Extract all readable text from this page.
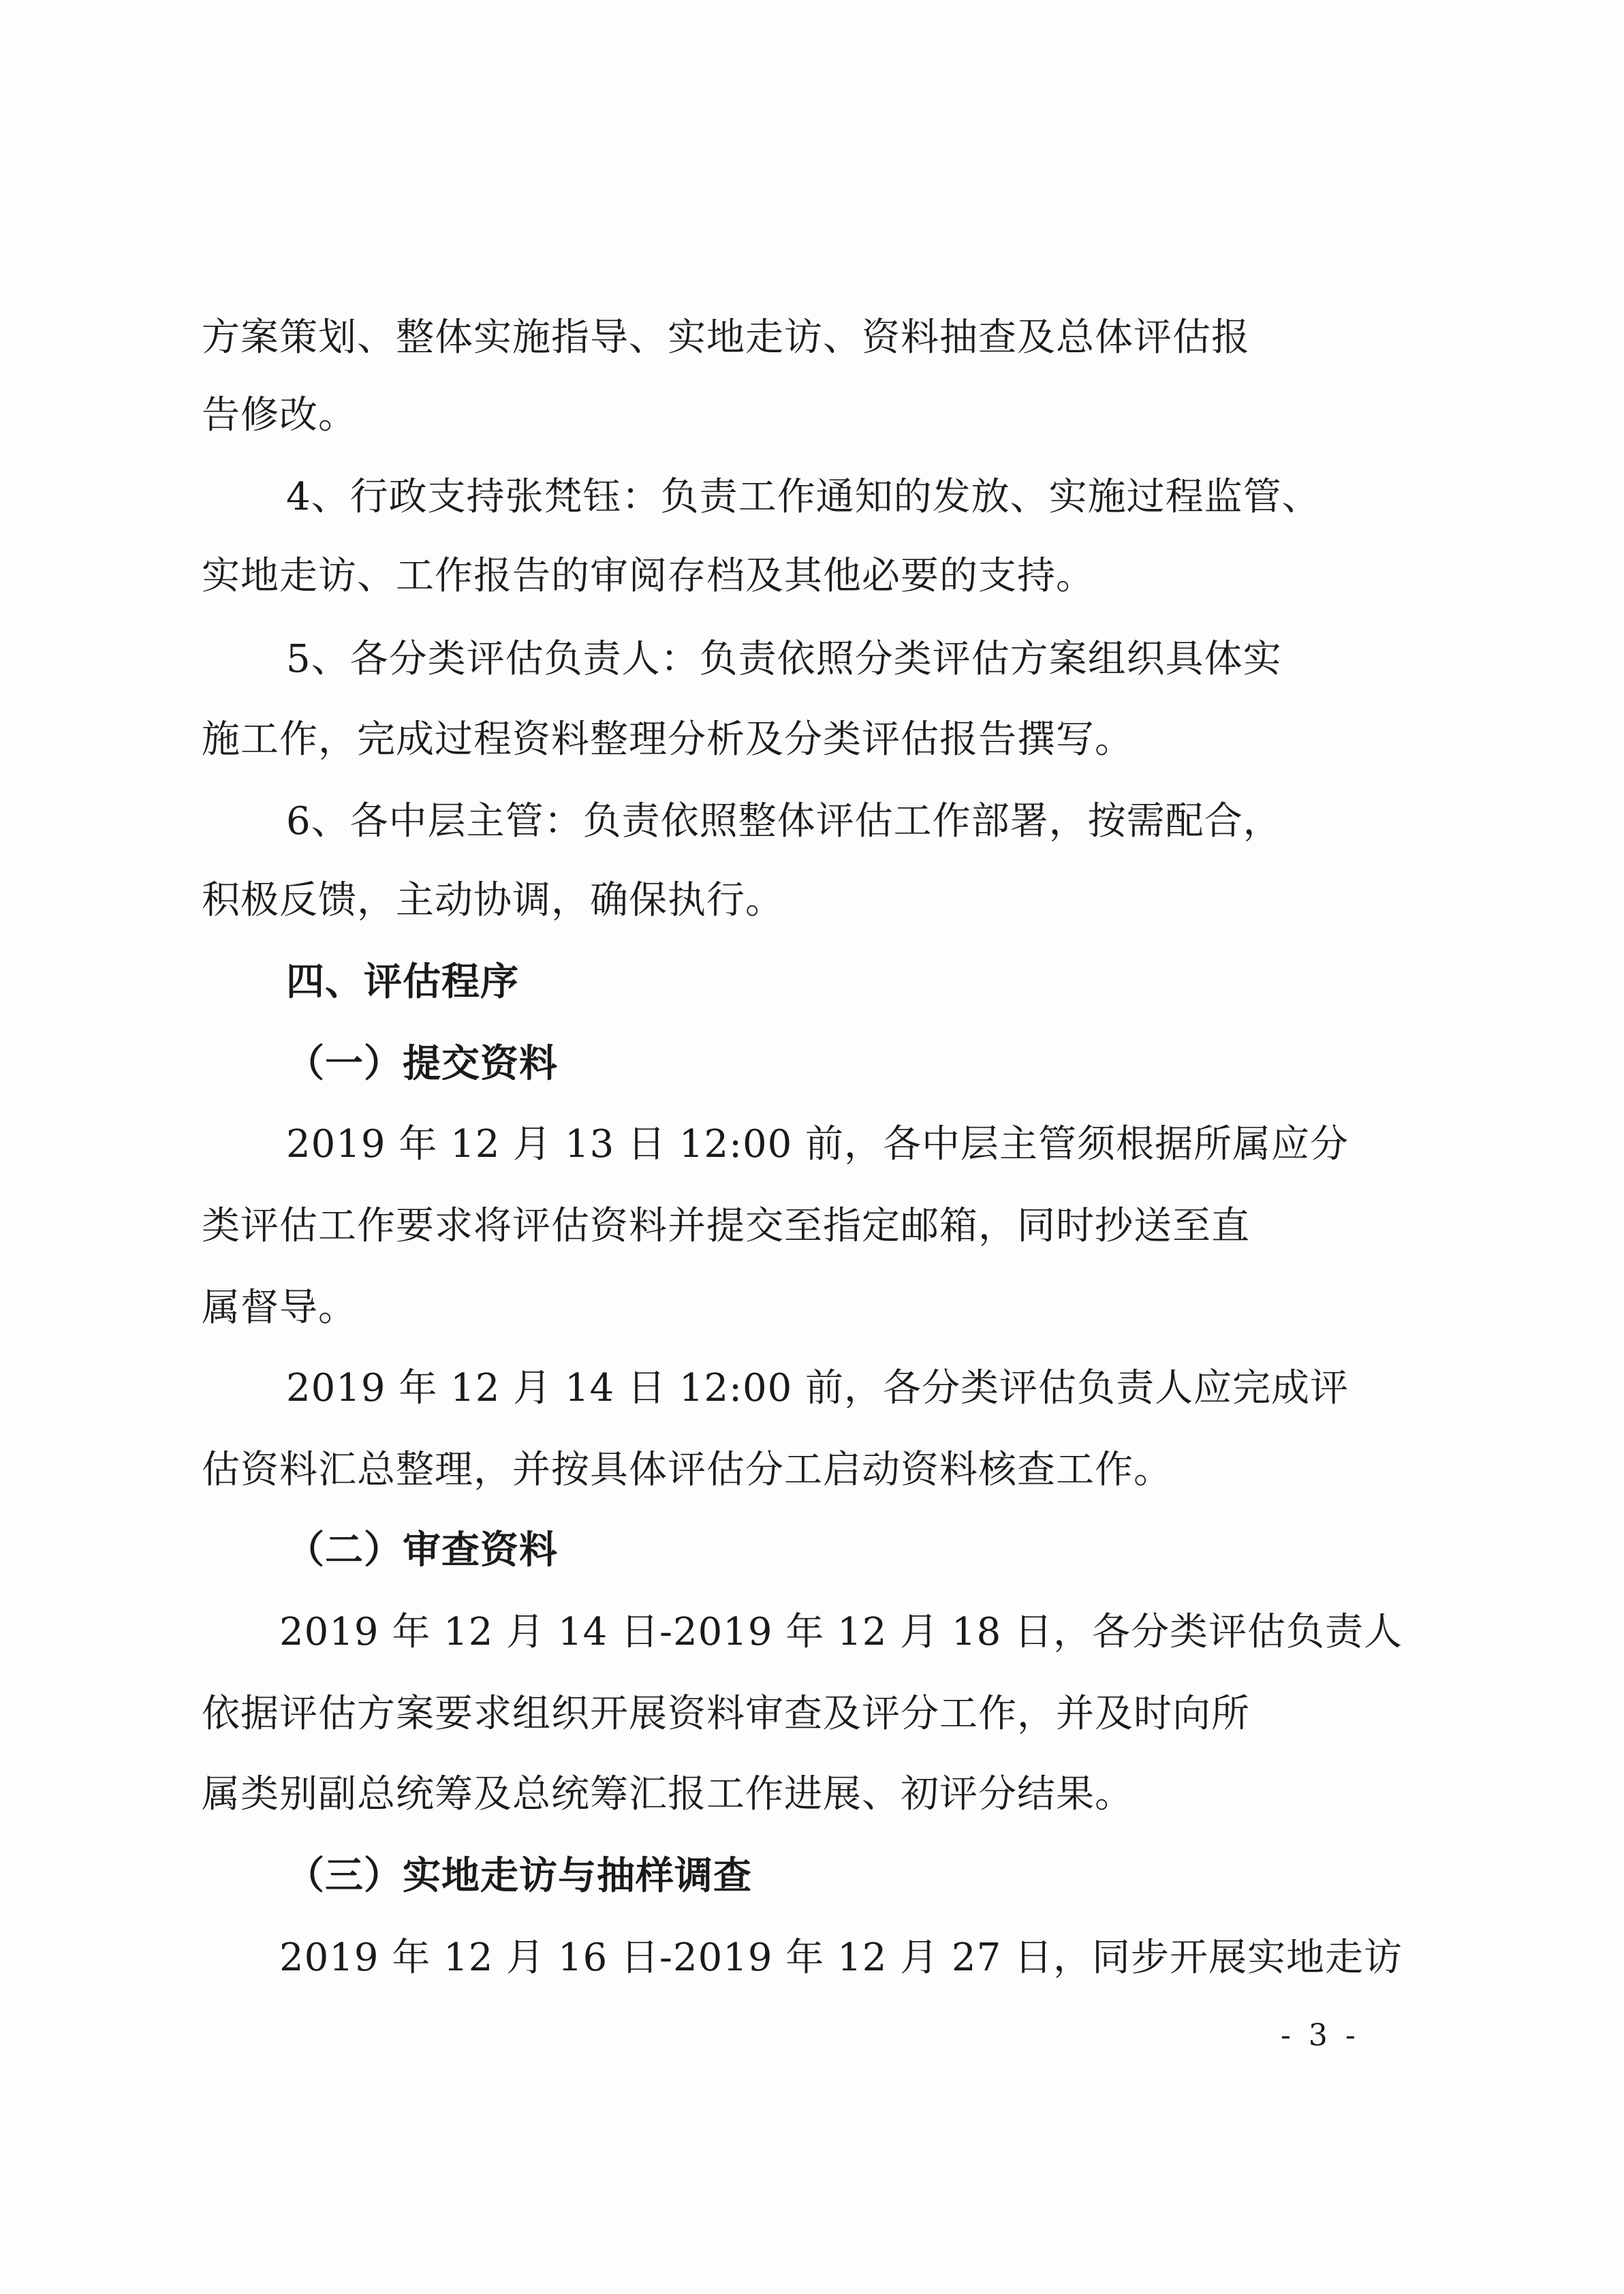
方案策划、整体实施指导、实地走访、资料抽查及总体评估报

告修改。

4、行政支持张梵钰：负责工作通知的发放、实施过程监管、

实地走访、工作报告的审阅存档及其他必要的支持。

5、各分类评估负责人：负责依照分类评估方案组织具体实

施工作，完成过程资料整理分析及分类评估报告撰写。

6、各中层主管：负责依照整体评估工作部署，按需配合，

积极反馈，主动协调，确保执行。

四、评估程序

（一）提交资料

2019 年 12 月 13 日 12:00 前，各中层主管须根据所属应分

类评估工作要求将评估资料并提交至指定邮箱，同时抄送至直

属督导。

2019 年 12 月 14 日 12:00 前，各分类评估负责人应完成评

估资料汇总整理，并按具体评估分工启动资料核查工作。

（二）审查资料

2019 年 12 月 14 日-2019 年 12 月 18 日，各分类评估负责人

依据评估方案要求组织开展资料审查及评分工作，并及时向所

属类别副总统筹及总统筹汇报工作进展、初评分结果。

（三）实地走访与抽样调查

2019 年 12 月 16 日-2019 年 12 月 27 日，同步开展实地走访

- 3 -
